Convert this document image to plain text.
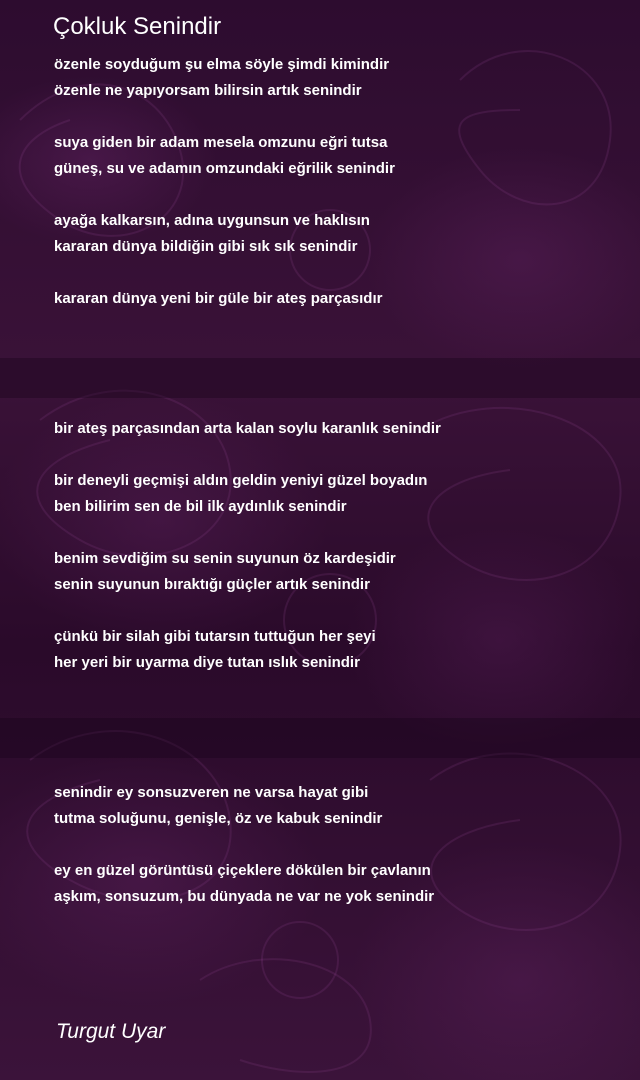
Çokluk Senindir
özenle soyduğum şu elma söyle şimdi kimindir
özenle ne yapıyorsam bilirsin artık senindir
suya giden bir adam mesela omzunu eğri tutsa
güneş, su ve adamın omzundaki eğrilik senindir
ayağa kalkarsın, adına uygunsun ve haklısın
kararan dünya bildiğin gibi sık sık senindir
kararan dünya yeni bir güle bir ateş parçasıdır
bir ateş parçasından arta kalan soylu karanlık senindir
bir deneyli geçmişi aldın geldin yeniyi güzel boyadın
ben bilirim sen de bil ilk aydınlık senindir
benim sevdiğim su senin suyunun öz kardeşidir
senin suyunun bıraktığı güçler artık senindir
çünkü bir silah gibi tutarsın tuttuğun her şeyi
her yeri bir uyarma diye tutan ıslık senindir
senindir ey sonsuzveren ne varsa hayat gibi
tutma soluğunu, genişle, öz ve kabuk senindir
ey en güzel görüntüsü çiçeklere dökülen bir çavlanın
aşkım, sonsuzum, bu dünyada ne var ne yok senindir
Turgut Uyar
